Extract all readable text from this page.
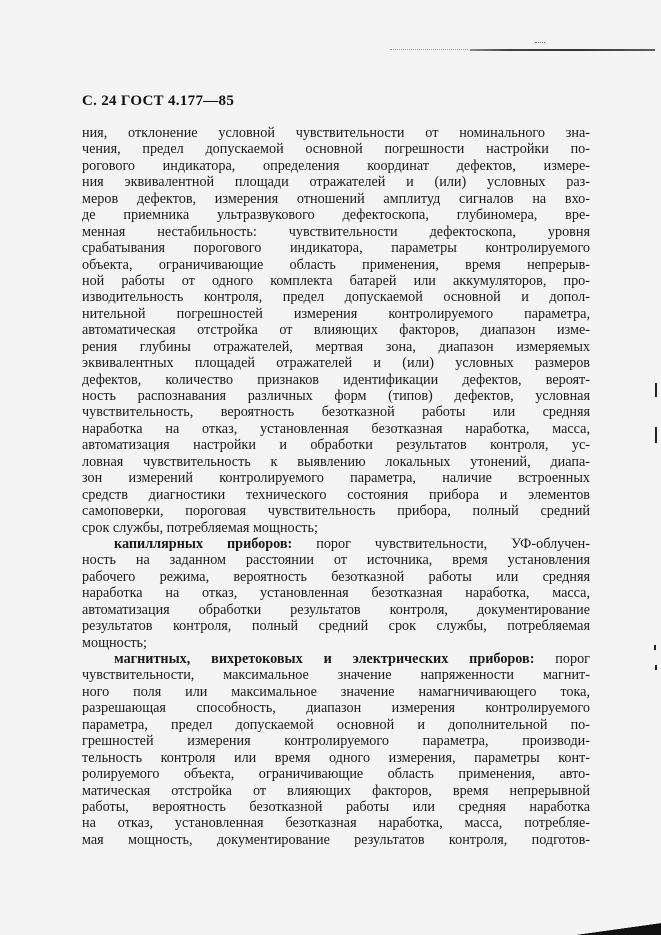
С. 24 ГОСТ 4.177—85
ния, отклонение условной чувствительности от номинального зна-
чения, предел допускаемой основной погрешности настройки по-
рогового индикатора, определения координат дефектов, измере-
ния эквивалентной площади отражателей и (или) условных раз-
меров дефектов, измерения отношений амплитуд сигналов на вхо-
де приемника ультразвукового дефектоскопа, глубиномера, вре-
менная нестабильность: чувствительности дефектоскопа, уровня
срабатывания порогового индикатора, параметры контролируемого
объекта, ограничивающие область применения, время непрерыв-
ной работы от одного комплекта батарей или аккумуляторов, про-
изводительность контроля, предел допускаемой основной и допол-
нительной погрешностей измерения контролируемого параметра,
автоматическая отстройка от влияющих факторов, диапазон изме-
рения глубины отражателей, мертвая зона, диапазон измеряемых
эквивалентных площадей отражателей и (или) условных размеров
дефектов, количество признаков идентификации дефектов, вероят-
ность распознавания различных форм (типов) дефектов, условная
чувствительность, вероятность безотказной работы или средняя
наработка на отказ, установленная безотказная наработка, масса,
автоматизация настройки и обработки результатов контроля, ус-
ловная чувствительность к выявлению локальных утонений, диапа-
зон измерений контролируемого параметра, наличие встроенных
средств диагностики технического состояния прибора и элементов
самоповерки, пороговая чувствительность прибора, полный средний
срок службы, потребляемая мощность;
капиллярных приборов: порог чувствительности, УФ-облучен-
ность на заданном расстоянии от источника, время установления
рабочего режима, вероятность безотказной работы или средняя
наработка на отказ, установленная безотказная наработка, масса,
автоматизация обработки результатов контроля, документирование
результатов контроля, полный средний срок службы, потребляемая
мощность;
магнитных, вихретоковых и электрических приборов: порог
чувствительности, максимальное значение напряженности магнит-
ного поля или максимальное значение намагничивающего тока,
разрешающая способность, диапазон измерения контролируемого
параметра, предел допускаемой основной и дополнительной по-
грешностей измерения контролируемого параметра, производи-
тельность контроля или время одного измерения, параметры конт-
ролируемого объекта, ограничивающие область применения, авто-
матическая отстройка от влияющих факторов, время непрерывной
работы, вероятность безотказной работы или средняя наработка
на отказ, установленная безотказная наработка, масса, потребляе-
мая мощность, документирование результатов контроля, подготов-
